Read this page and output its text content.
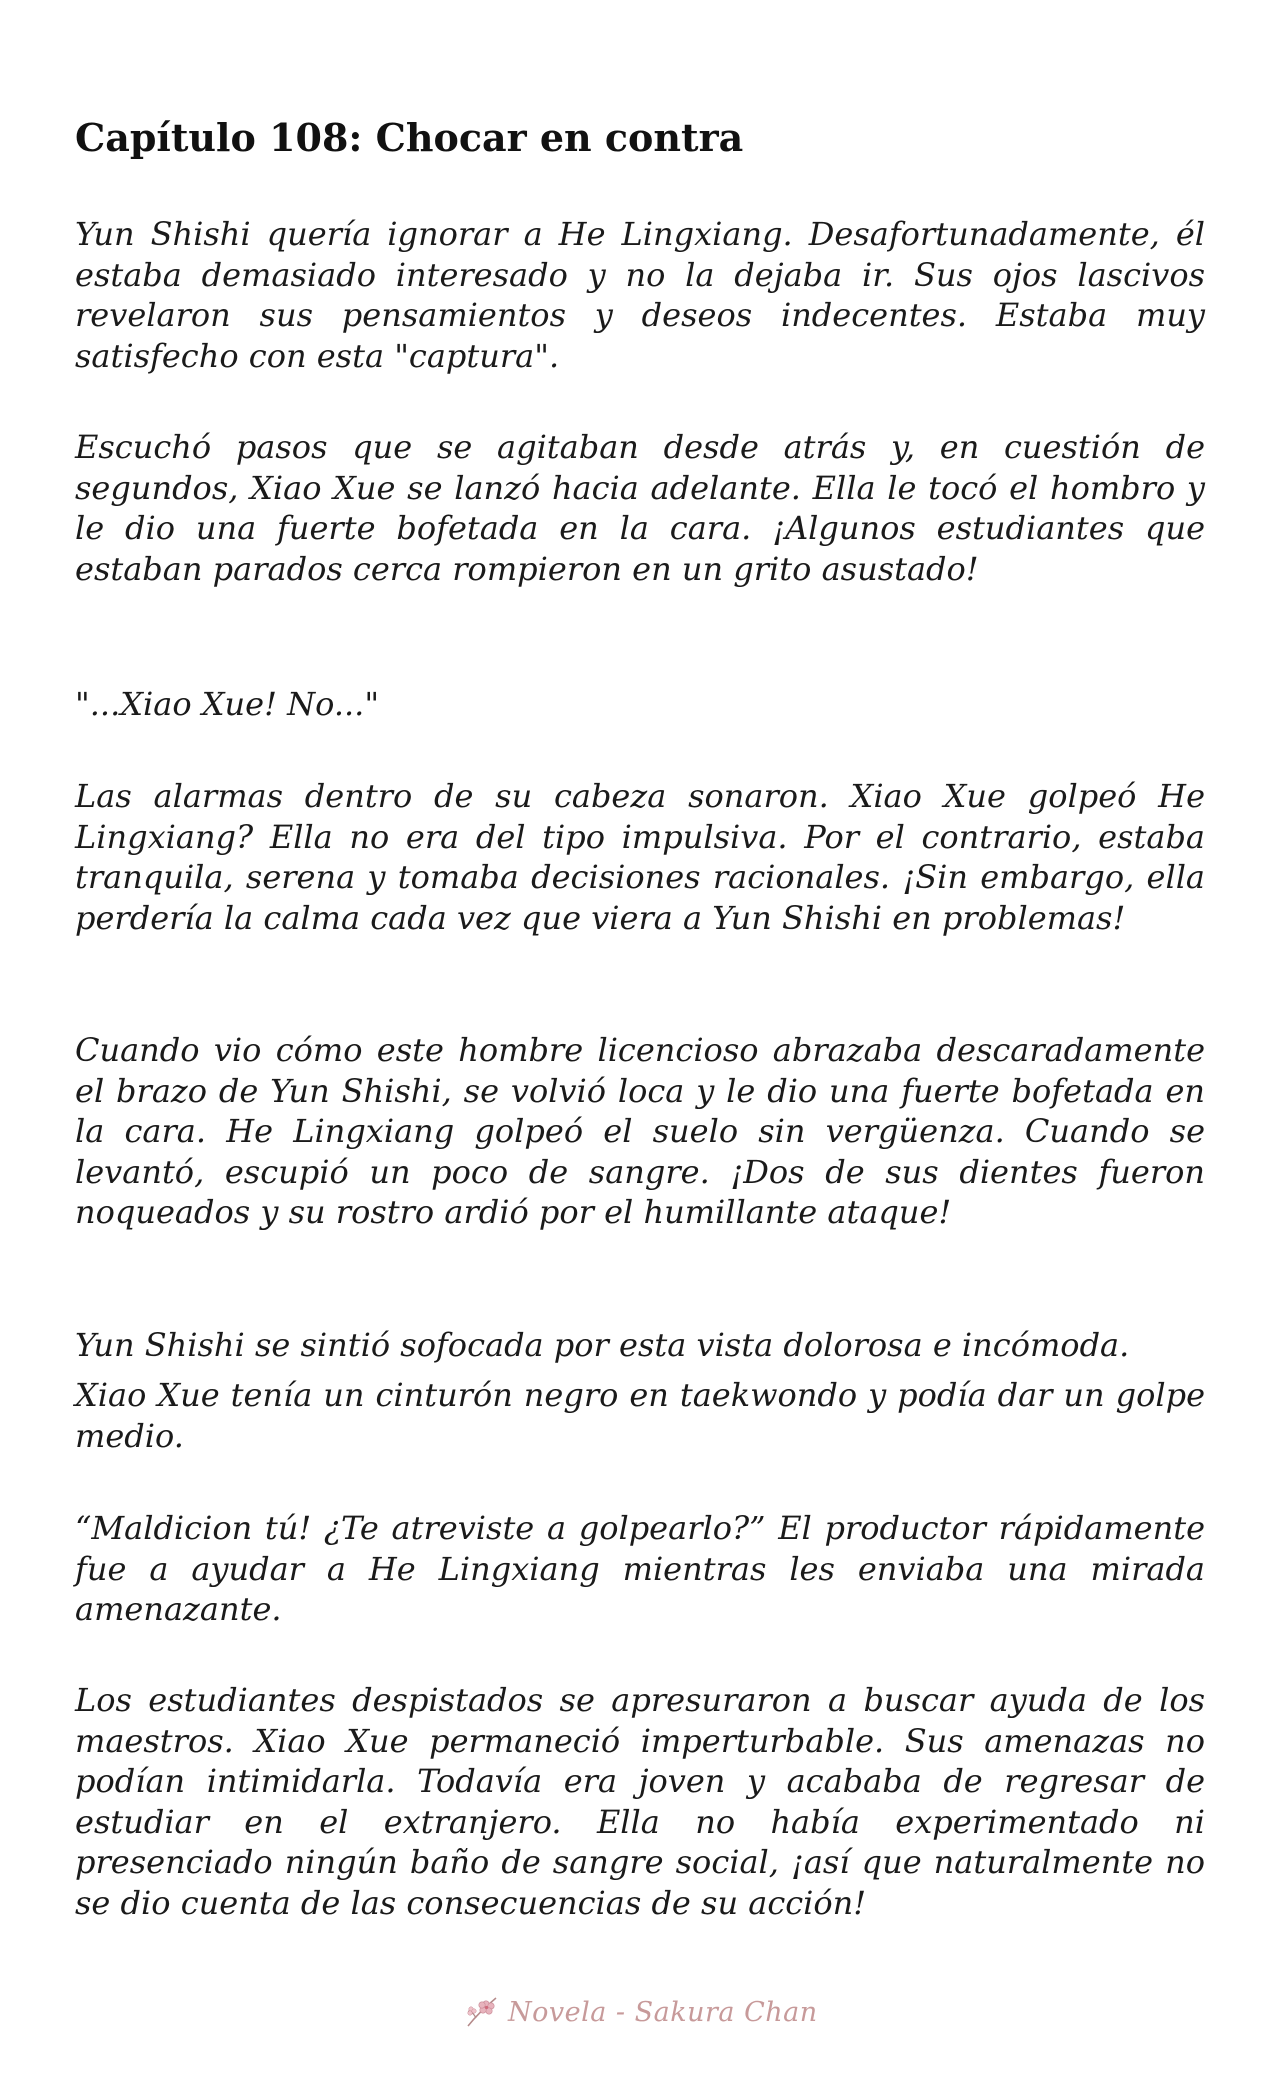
Capítulo 108: Chocar en contra

Yun Shishi quería ignorar a He Lingxiang. Desafortunadamente, él estaba demasiado interesado y no la dejaba ir. Sus ojos lascivos revelaron sus pensamientos y deseos indecentes. Estaba muy satisfecho con esta "captura".

Escuchó pasos que se agitaban desde atrás y, en cuestión de segundos, Xiao Xue se lanzó hacia adelante. Ella le tocó el hombro y le dio una fuerte bofetada en la cara. ¡Algunos estudiantes que estaban parados cerca rompieron en un grito asustado!

"...Xiao Xue! No..."

Las alarmas dentro de su cabeza sonaron. Xiao Xue golpeó He Lingxiang? Ella no era del tipo impulsiva. Por el contrario, estaba tranquila, serena y tomaba decisiones racionales. ¡Sin embargo, ella perdería la calma cada vez que viera a Yun Shishi en problemas!

Cuando vio cómo este hombre licencioso abrazaba descaradamente el brazo de Yun Shishi, se volvió loca y le dio una fuerte bofetada en la cara. He Lingxiang golpeó el suelo sin vergüenza. Cuando se levantó, escupió un poco de sangre. ¡Dos de sus dientes fueron noqueados y su rostro ardió por el humillante ataque!

Yun Shishi se sintió sofocada por esta vista dolorosa e incómoda.

Xiao Xue tenía un cinturón negro en taekwondo y podía dar un golpe medio.

“Maldicion tú! ¿Te atreviste a golpearlo?” El productor rápidamente fue a ayudar a He Lingxiang mientras les enviaba una mirada amenazante.

Los estudiantes despistados se apresuraron a buscar ayuda de los maestros. Xiao Xue permaneció imperturbable. Sus amenazas no podían intimidarla. Todavía era joven y acababa de regresar de estudiar en el extranjero. Ella no había experimentado ni presenciado ningún baño de sangre social, ¡así que naturalmente no se dio cuenta de las consecuencias de su acción!

Novela - Sakura Chan
